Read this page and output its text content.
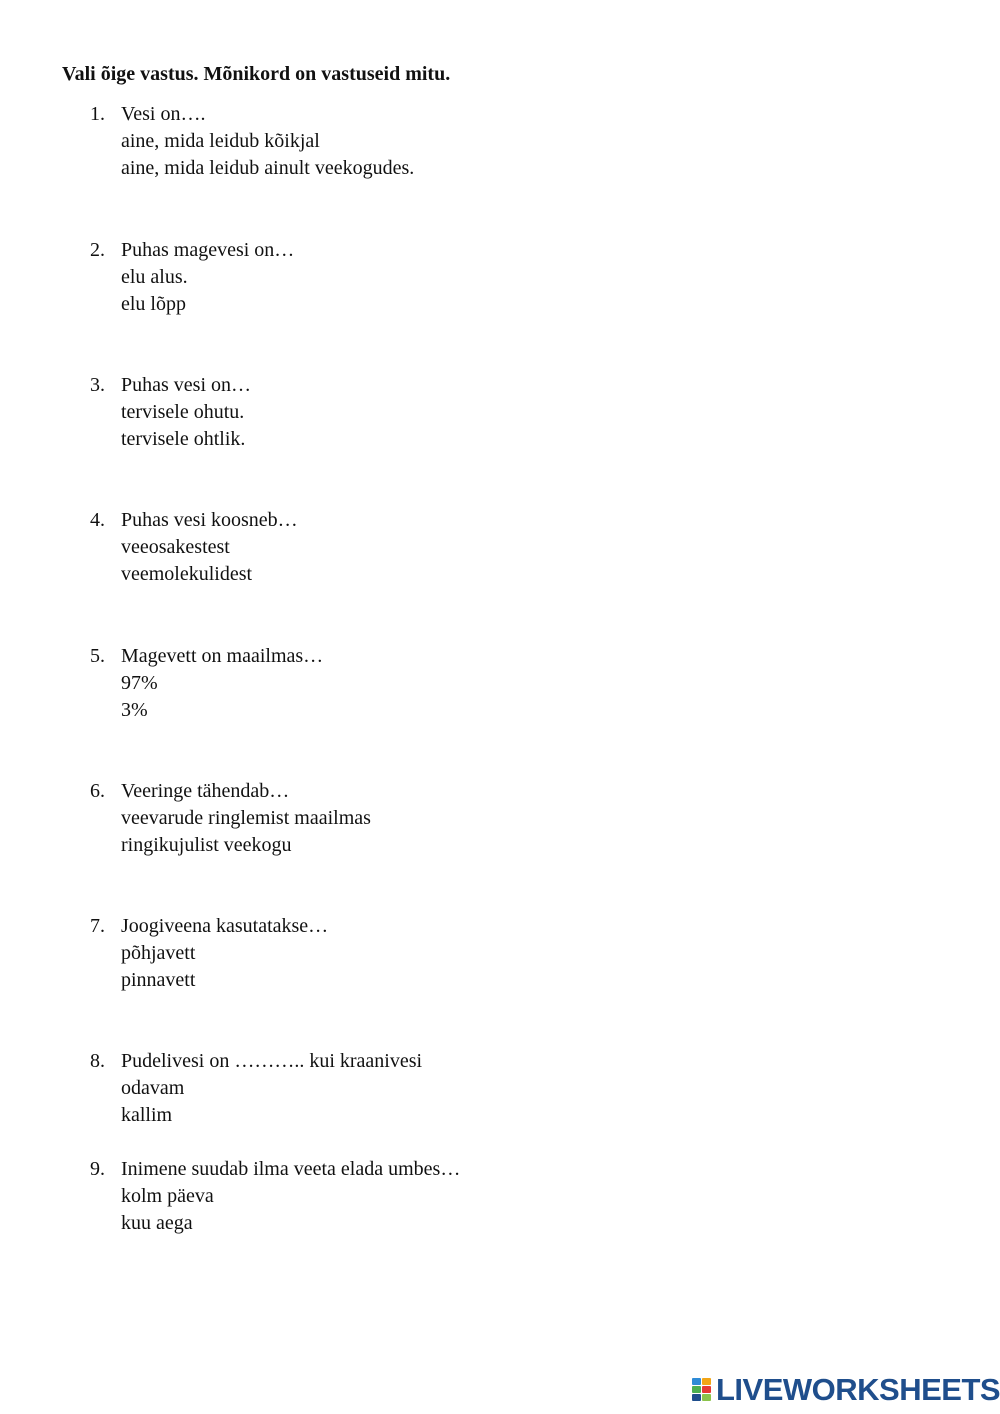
Vali õige vastus. Mõnikord on vastuseid mitu.
1. Vesi on….
aine, mida leidub kõikjal
aine, mida leidub ainult veekogudes.
2. Puhas magevesi on…
elu alus.
elu lõpp
3. Puhas vesi on…
tervisele ohutu.
tervisele ohtlik.
4. Puhas vesi koosneb…
veeosakestest
veemolekulidest
5. Magevett on maailmas…
97%
3%
6. Veeringe tähendab…
veevarude ringlemist maailmas
ringikujulist veekogu
7. Joogiveena kasutatakse…
põhjavett
pinnavett
8. Pudelivesi on ……….. kui kraanivesi
odavam
kallim
9. Inimene suudab ilma veeta elada umbes…
kolm päeva
kuu aega
LIVEWORKSHEETS
